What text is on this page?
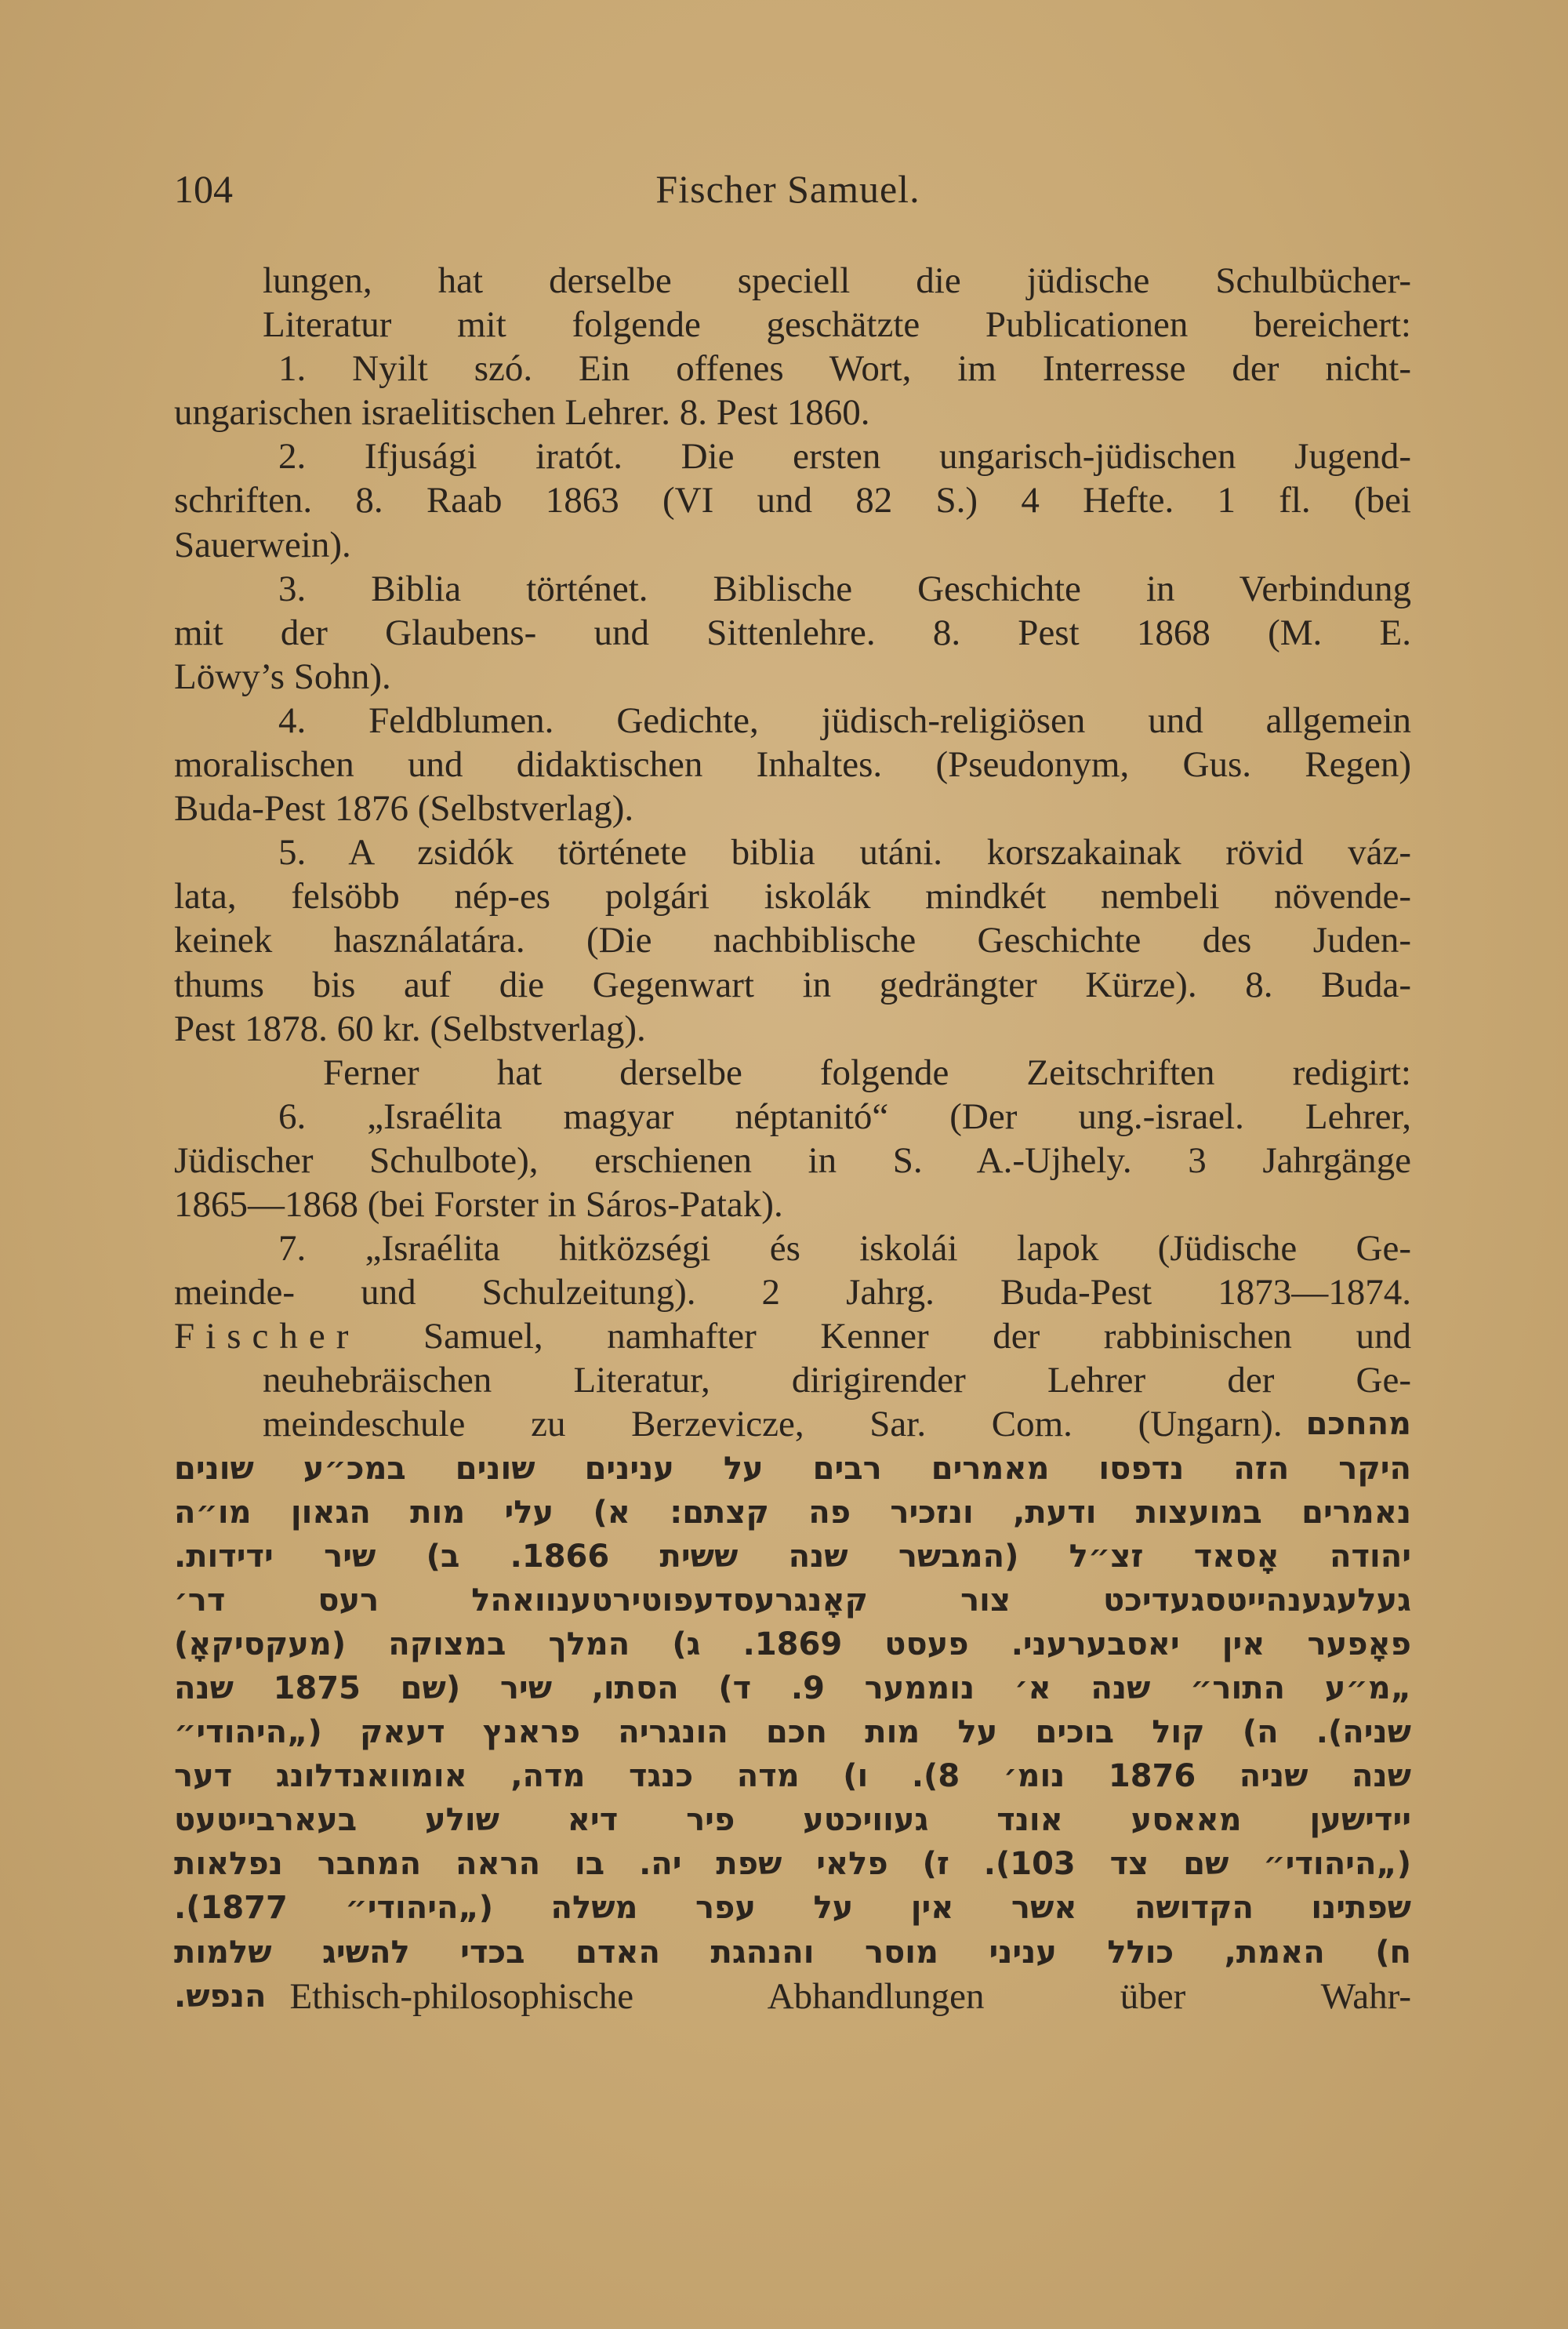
104	Fischer Samuel.
lungen, hat derselbe speciell die jüdische Schulbücher-
Literatur mit folgende geschätzte Publicationen bereichert:
1. Nyilt szó. Ein offenes Wort, im Interresse der nicht-
ungarischen israelitischen Lehrer. 8. Pest 1860.
2. Ifjusági iratót. Die ersten ungarisch-jüdischen Jugend-
schriften. 8. Raab 1863 (VI und 82 S.) 4 Hefte. 1 fl. (bei
Sauerwein).
3. Biblia történet. Biblische Geschichte in Verbindung
mit der Glaubens- und Sittenlehre. 8. Pest 1868 (M. E.
Löwy’s Sohn).
4. Feldblumen. Gedichte, jüdisch-religiösen und allgemein
moralischen und didaktischen Inhaltes. (Pseudonym, Gus. Regen)
Buda-Pest 1876 (Selbstverlag).
5. A zsidók története biblia utáni. korszakainak rövid váz-
lata, felsöbb nép-es polgári iskolák mindkét nembeli növende-
keinek használatára. (Die nachbiblische Geschichte des Juden-
thums bis auf die Gegenwart in gedrängter Kürze). 8. Buda-
Pest 1878. 60 kr. (Selbstverlag).
Ferner hat derselbe folgende Zeitschriften redigirt:
6. „Israélita magyar néptanitó“ (Der ung.-israel. Lehrer,
Jüdischer Schulbote), erschienen in S. A.-Ujhely. 3 Jahrgänge
1865—1868 (bei Forster in Sáros-Patak).
7. „Israélita hitközségi és iskolái lapok (Jüdische Ge-
meinde- und Schulzeitung). 2 Jahrg. Buda-Pest 1873—1874.
Fischer Samuel, namhafter Kenner der rabbinischen und
neuhebräischen Literatur, dirigirender Lehrer der Ge-
meindeschule zu Berzevicze, Sar. Com. (Ungarn). מהחכם
היקר הזה נדפסו מאמרים רבים על ענינים שונים במכ״ע שונים
נאמרים במועצות ודעת, ונזכיר פה קצתם: א) עלי מות הגאון מו״ה
יהודה אָסאד זצ״ל (המבשר שנה ששית 1866. ב) שיר ידידות.
געלעגענהייטסגעדיכט צור קאָנגרעסדעפוטירטענוואהל רעס דר׳
פאָפער אין יאסבערעני. פעסט 1869. ג) המלך במצוקה (מעקסיקאָ)
„מ״ע התור״ שנה א׳ נוממער 9. ד) הסתו, שיר (שם 1875 שנה
שניה). ה) קול בוכים על מות חכם הונגריה פראנץ דעאק („היהודי״
שנה שניה 1876 נומ׳ 8). ו) מדה כנגד מדה, אומוואנדלונג דער
יידישען מאאסע אונד געוויכטע פיר דיא שולע בעארבייטעט
(„היהודי״ שם צד 103). ז) פלאי שפת יה. בו הראה המחבר נפלאות
שפתינו הקדושה אשר אין על עפר משלה („היהודי״ 1877).
ח) האמת, כולל עניני מוסר והנהגת האדם בכדי להשיג שלמות
הנפש. Ethisch-philosophische Abhandlungen über Wahr-
